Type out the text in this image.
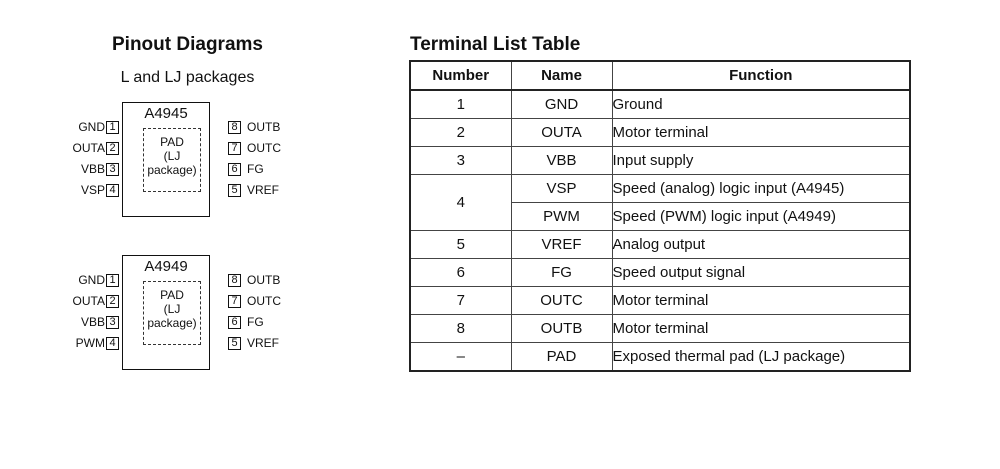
Pinout Diagrams
L and LJ packages
A4945
PAD
(LJ
package)
GND 1
OUTA 2
VBB 3
VSP 4
OUTB
8
OUTC
7
FG
6
VREF
5
A4949
PAD
(LJ
package)
GND 1
OUTA 2
VBB 3
PWM 4
OUTB
8
OUTC
7
FG
6
VREF
5
Terminal List Table
Number	Name	Function
1	GND	Ground
2	OUTA	Motor terminal
3	VBB	Input supply
4	VSP	Speed (analog) logic input (A4945)
	PWM	Speed (PWM) logic input (A4949)
5	VREF	Analog output
6	FG	Speed output signal
7	OUTC	Motor terminal
8	OUTB	Motor terminal
–	PAD	Exposed thermal pad (LJ package)
